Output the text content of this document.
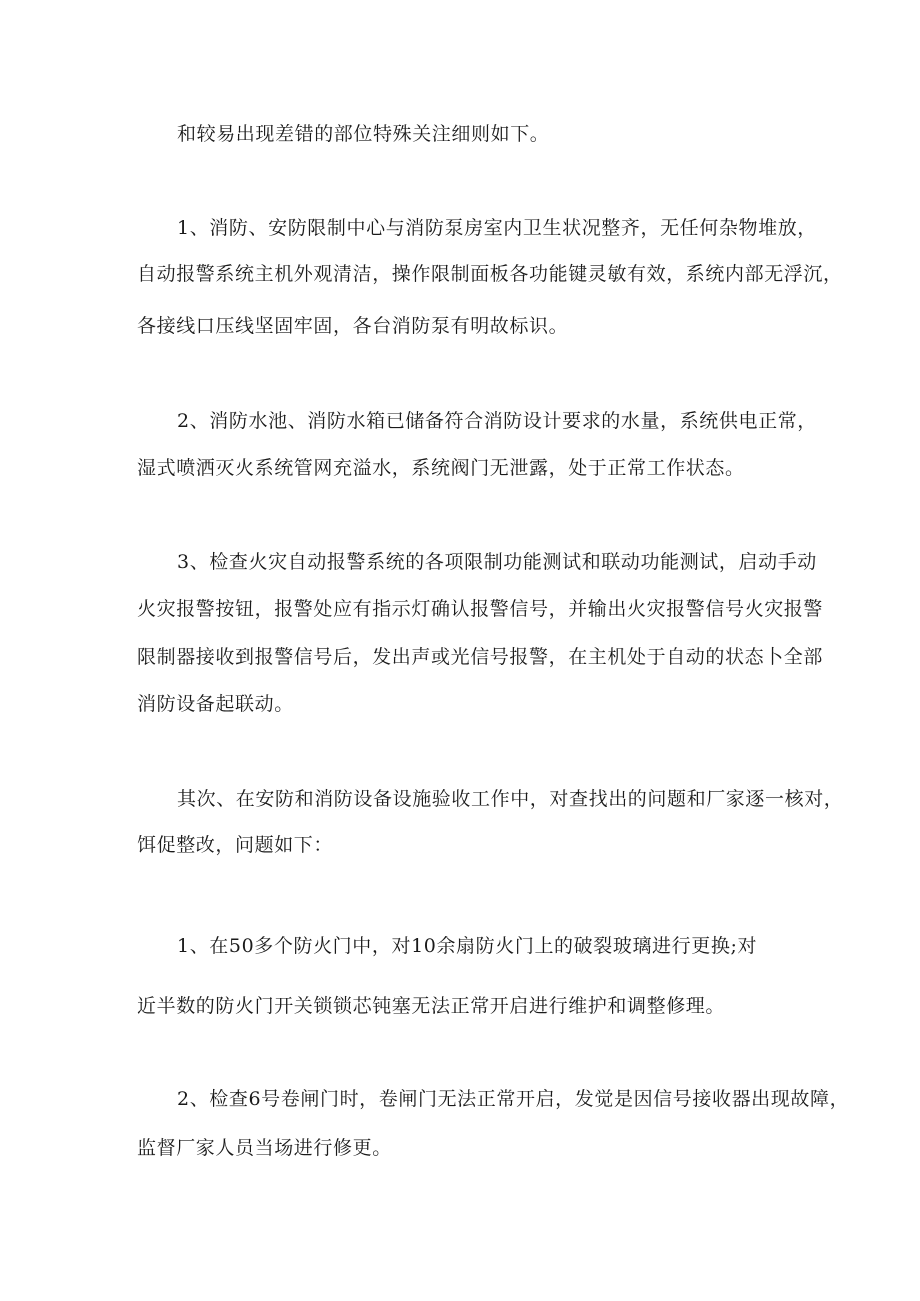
和较易出现差错的部位特殊关注细则如下。
1、消防、安防限制中心与消防泵房室内卫生状况整齐，无任何杂物堆放，
自动报警系统主机外观清洁，操作限制面板各功能键灵敏有效，系统内部无浮沉，
各接线口压线坚固牢固，各台消防泵有明故标识。
2、消防水池、消防水箱已储备符合消防设计要求的水量，系统供电正常，
湿式喷洒灭火系统管网充溢水，系统阀门无泄露，处于正常工作状态。
3、检查火灾自动报警系统的各项限制功能测试和联动功能测试，启动手动
火灾报警按钮，报警处应有指示灯确认报警信号，并输出火灾报警信号火灾报警
限制器接收到报警信号后，发出声或光信号报警，在主机处于自动的状态卜全部
消防设备起联动。
其次、在安防和消防设备设施验收工作中，对查找出的问题和厂家逐一核对，
饵促整改，问题如下：
1、在50多个防火门中，对10余扇防火门上的破裂玻璃进行更换;对
近半数的防火门开关锁锁芯钝塞无法正常开启进行维护和调整修理。
2、检查6号卷闸门时，卷闸门无法正常开启，发觉是因信号接收器出现故障，
监督厂家人员当场进行修更。
